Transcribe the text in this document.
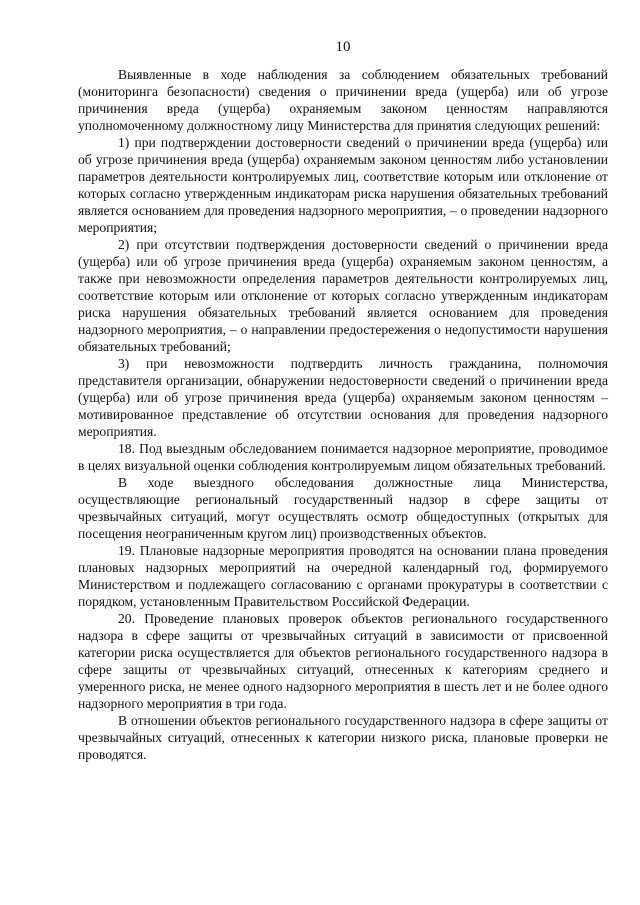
10

Выявленные в ходе наблюдения за соблюдением обязательных требований (мониторинга безопасности) сведения о причинении вреда (ущерба) или об угрозе причинения вреда (ущерба) охраняемым законом ценностям направляются уполномоченному должностному лицу Министерства для принятия следующих решений:

1) при подтверждении достоверности сведений о причинении вреда (ущерба) или об угрозе причинения вреда (ущерба) охраняемым законом ценностям либо установлении параметров деятельности контролируемых лиц, соответствие которым или отклонение от которых согласно утвержденным индикаторам риска нарушения обязательных требований является основанием для проведения надзорного мероприятия, – о проведении надзорного мероприятия;

2) при отсутствии подтверждения достоверности сведений о причинении вреда (ущерба) или об угрозе причинения вреда (ущерба) охраняемым законом ценностям, а также при невозможности определения параметров деятельности контролируемых лиц, соответствие которым или отклонение от которых согласно утвержденным индикаторам риска нарушения обязательных требований является основанием для проведения надзорного мероприятия, – о направлении предостережения о недопустимости нарушения обязательных требований;

3) при невозможности подтвердить личность гражданина, полномочия представителя организации, обнаружении недостоверности сведений о причинении вреда (ущерба) или об угрозе причинения вреда (ущерба) охраняемым законом ценностям – мотивированное представление об отсутствии основания для проведения надзорного мероприятия.

18. Под выездным обследованием понимается надзорное мероприятие, проводимое в целях визуальной оценки соблюдения контролируемым лицом обязательных требований.

В ходе выездного обследования должностные лица Министерства, осуществляющие региональный государственный надзор в сфере защиты от чрезвычайных ситуаций, могут осуществлять осмотр общедоступных (открытых для посещения неограниченным кругом лиц) производственных объектов.

19. Плановые надзорные мероприятия проводятся на основании плана проведения плановых надзорных мероприятий на очередной календарный год, формируемого Министерством и подлежащего согласованию с органами прокуратуры в соответствии с порядком, установленным Правительством Российской Федерации.

20. Проведение плановых проверок объектов регионального государственного надзора в сфере защиты от чрезвычайных ситуаций в зависимости от присвоенной категории риска осуществляется для объектов регионального государственного надзора в сфере защиты от чрезвычайных ситуаций, отнесенных к категориям среднего и умеренного риска, не менее одного надзорного мероприятия в шесть лет и не более одного надзорного мероприятия в три года.

В отношении объектов регионального государственного надзора в сфере защиты от чрезвычайных ситуаций, отнесенных к категории низкого риска, плановые проверки не проводятся.
